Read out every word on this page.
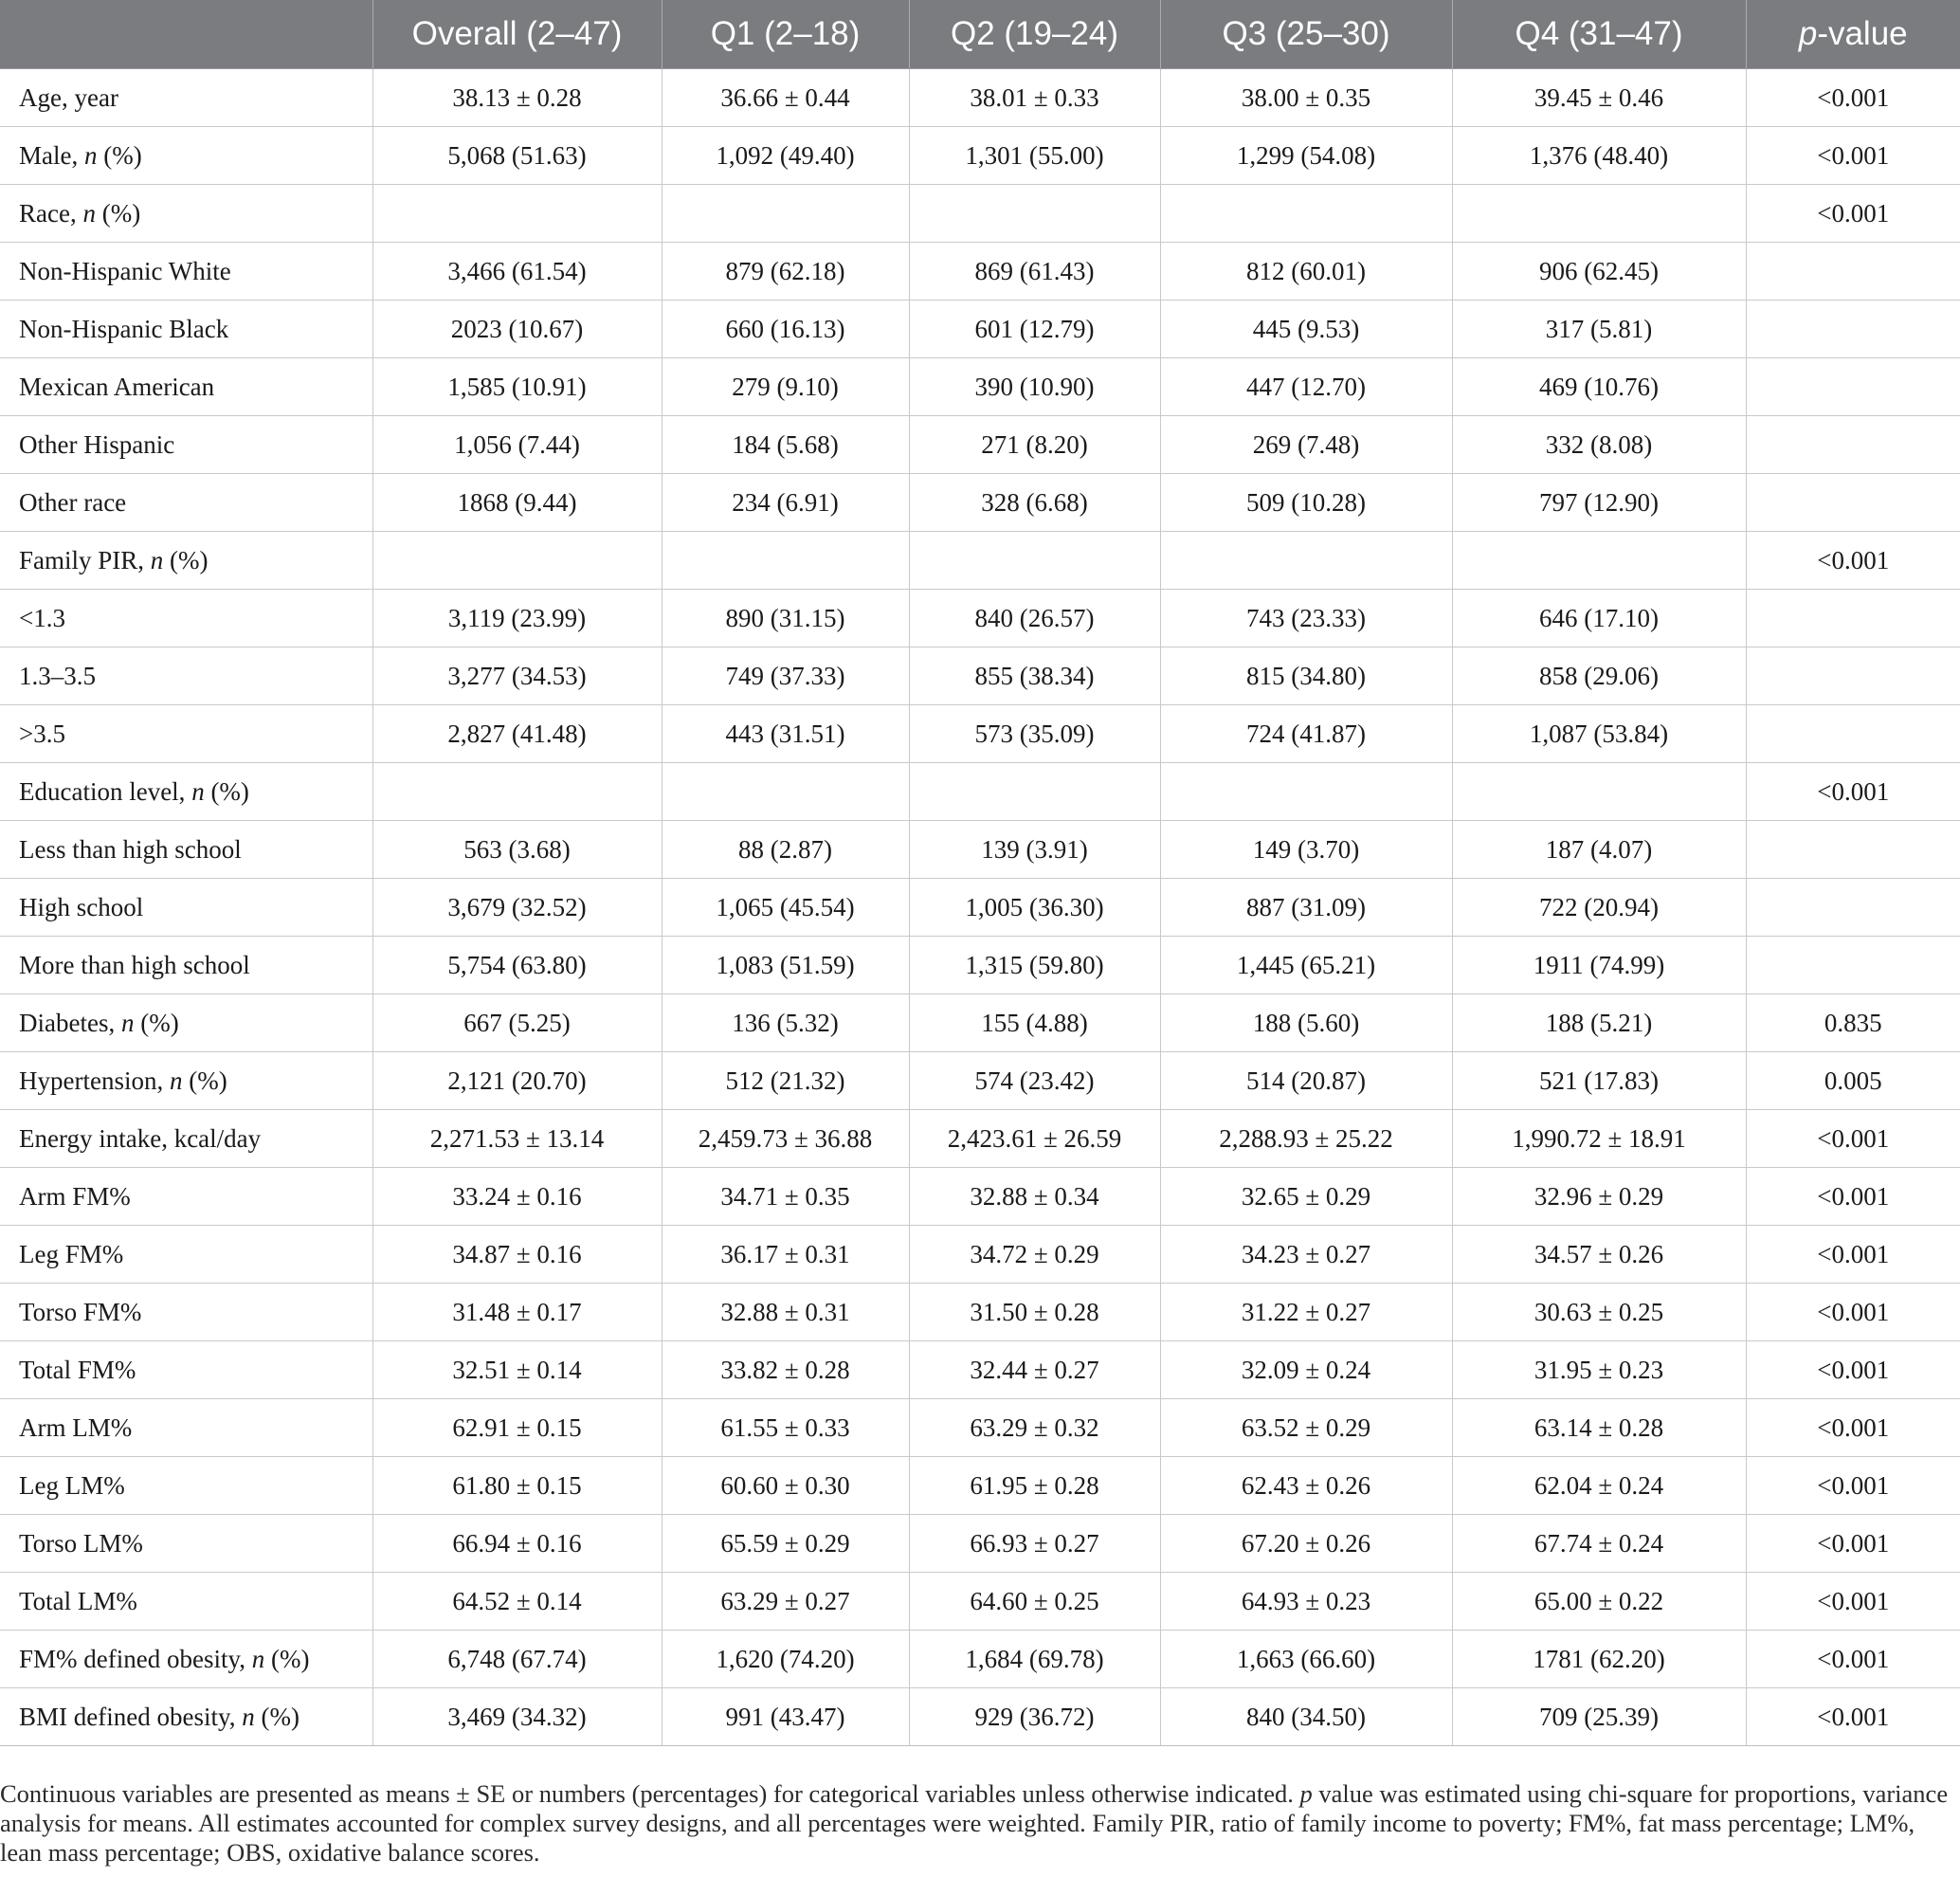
	Overall (2–47)	Q1 (2–18)	Q2 (19–24)	Q3 (25–30)	Q4 (31–47)	p-value
Age, year	38.13 ± 0.28	36.66 ± 0.44	38.01 ± 0.33	38.00 ± 0.35	39.45 ± 0.46	<0.001
Male, n (%)	5,068 (51.63)	1,092 (49.40)	1,301 (55.00)	1,299 (54.08)	1,376 (48.40)	<0.001
Race, n (%)						<0.001
Non-Hispanic White	3,466 (61.54)	879 (62.18)	869 (61.43)	812 (60.01)	906 (62.45)	
Non-Hispanic Black	2023 (10.67)	660 (16.13)	601 (12.79)	445 (9.53)	317 (5.81)	
Mexican American	1,585 (10.91)	279 (9.10)	390 (10.90)	447 (12.70)	469 (10.76)	
Other Hispanic	1,056 (7.44)	184 (5.68)	271 (8.20)	269 (7.48)	332 (8.08)	
Other race	1868 (9.44)	234 (6.91)	328 (6.68)	509 (10.28)	797 (12.90)	
Family PIR, n (%)						<0.001
<1.3	3,119 (23.99)	890 (31.15)	840 (26.57)	743 (23.33)	646 (17.10)	
1.3–3.5	3,277 (34.53)	749 (37.33)	855 (38.34)	815 (34.80)	858 (29.06)	
>3.5	2,827 (41.48)	443 (31.51)	573 (35.09)	724 (41.87)	1,087 (53.84)	
Education level, n (%)						<0.001
Less than high school	563 (3.68)	88 (2.87)	139 (3.91)	149 (3.70)	187 (4.07)	
High school	3,679 (32.52)	1,065 (45.54)	1,005 (36.30)	887 (31.09)	722 (20.94)	
More than high school	5,754 (63.80)	1,083 (51.59)	1,315 (59.80)	1,445 (65.21)	1911 (74.99)	
Diabetes, n (%)	667 (5.25)	136 (5.32)	155 (4.88)	188 (5.60)	188 (5.21)	0.835
Hypertension, n (%)	2,121 (20.70)	512 (21.32)	574 (23.42)	514 (20.87)	521 (17.83)	0.005
Energy intake, kcal/day	2,271.53 ± 13.14	2,459.73 ± 36.88	2,423.61 ± 26.59	2,288.93 ± 25.22	1,990.72 ± 18.91	<0.001
Arm FM%	33.24 ± 0.16	34.71 ± 0.35	32.88 ± 0.34	32.65 ± 0.29	32.96 ± 0.29	<0.001
Leg FM%	34.87 ± 0.16	36.17 ± 0.31	34.72 ± 0.29	34.23 ± 0.27	34.57 ± 0.26	<0.001
Torso FM%	31.48 ± 0.17	32.88 ± 0.31	31.50 ± 0.28	31.22 ± 0.27	30.63 ± 0.25	<0.001
Total FM%	32.51 ± 0.14	33.82 ± 0.28	32.44 ± 0.27	32.09 ± 0.24	31.95 ± 0.23	<0.001
Arm LM%	62.91 ± 0.15	61.55 ± 0.33	63.29 ± 0.32	63.52 ± 0.29	63.14 ± 0.28	<0.001
Leg LM%	61.80 ± 0.15	60.60 ± 0.30	61.95 ± 0.28	62.43 ± 0.26	62.04 ± 0.24	<0.001
Torso LM%	66.94 ± 0.16	65.59 ± 0.29	66.93 ± 0.27	67.20 ± 0.26	67.74 ± 0.24	<0.001
Total LM%	64.52 ± 0.14	63.29 ± 0.27	64.60 ± 0.25	64.93 ± 0.23	65.00 ± 0.22	<0.001
FM% defined obesity, n (%)	6,748 (67.74)	1,620 (74.20)	1,684 (69.78)	1,663 (66.60)	1781 (62.20)	<0.001
BMI defined obesity, n (%)	3,469 (34.32)	991 (43.47)	929 (36.72)	840 (34.50)	709 (25.39)	<0.001

Continuous variables are presented as means ± SE or numbers (percentages) for categorical variables unless otherwise indicated. p value was estimated using chi-square for proportions, variance analysis for means. All estimates accounted for complex survey designs, and all percentages were weighted. Family PIR, ratio of family income to poverty; FM%, fat mass percentage; LM%, lean mass percentage; OBS, oxidative balance scores.
